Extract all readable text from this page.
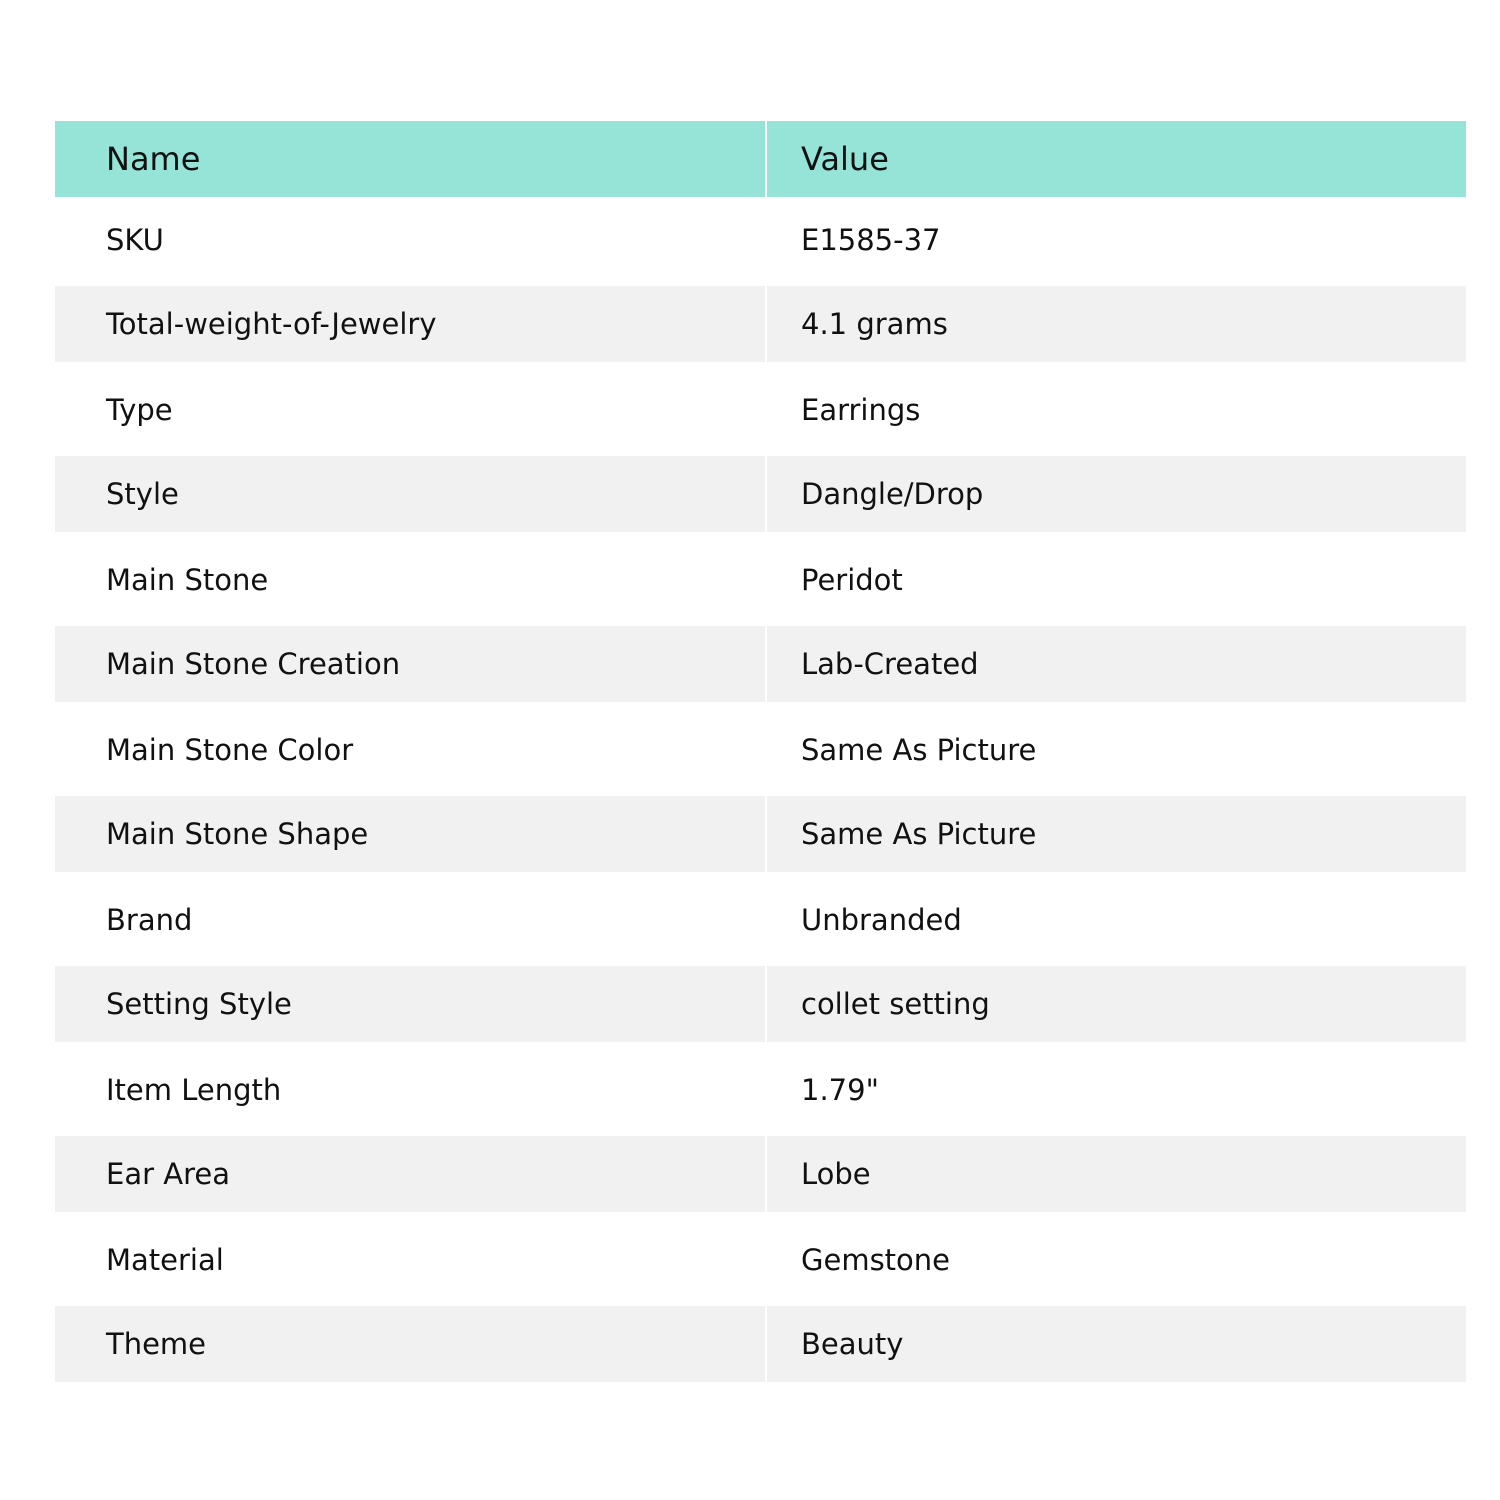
Name	Value
SKU	E1585-37
Total-weight-of-Jewelry	4.1 grams
Type	Earrings
Style	Dangle/Drop
Main Stone	Peridot
Main Stone Creation	Lab-Created
Main Stone Color	Same As Picture
Main Stone Shape	Same As Picture
Brand	Unbranded
Setting Style	collet setting
Item Length	1.79"
Ear Area	Lobe
Material	Gemstone
Theme	Beauty
